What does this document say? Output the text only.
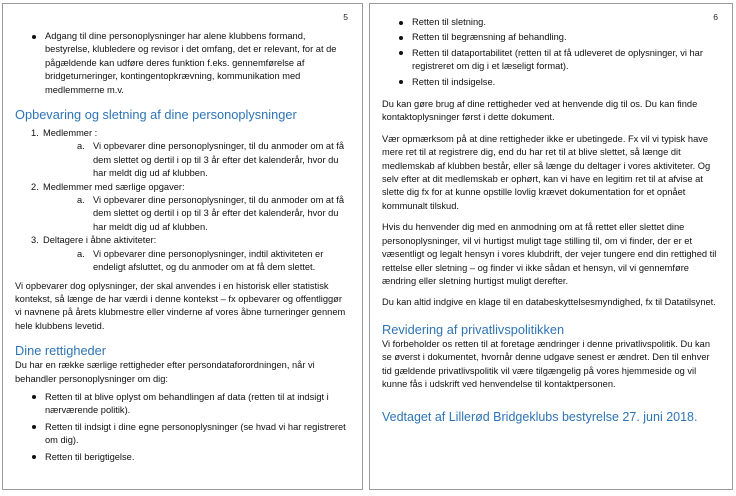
5
Adgang til dine personoplysninger har alene klubbens formand, bestyrelse, klubledere og revisor i det omfang, det er relevant, for at de pågældende kan udføre deres funktion f.eks. gennemførelse af bridgeturneringer, kontingentopkrævning, kommunikation med medlemmerne m.v.
Opbevaring og sletning af dine personoplysninger
1. Medlemmer :
a. Vi opbevarer dine personoplysninger, til du anmoder om at få dem slettet og dertil i op til 3 år efter det kalenderår, hvor du har meldt dig ud af klubben.
2. Medlemmer med særlige opgaver:
a. Vi opbevarer dine personoplysninger, til du anmoder om at få dem slettet og dertil i op til 3 år efter det kalenderår, hvor du har meldt dig ud af klubben.
3. Deltagere i åbne aktiviteter:
a. Vi opbevarer dine personoplysninger, indtil aktiviteten er endeligt afsluttet, og du anmoder om at få dem slettet.

Vi opbevarer dog oplysninger, der skal anvendes i en historisk eller statistisk kontekst, så længe de har værdi i denne kontekst – fx opbevarer og offentliggør vi navnene på årets klubmestre eller vinderne af vores åbne turneringer gennem hele klubbens levetid.

Dine rettigheder

Du har en række særlige rettigheder efter persondataforordningen, når vi behandler personoplysninger om dig:

Retten til at blive oplyst om behandlingen af data (retten til at indsigt i nærværende politik).
Retten til indsigt i dine egne personoplysninger (se hvad vi har registreret om dig).
Retten til berigtigelse.
6
Retten til sletning.
Retten til begrænsning af behandling.
Retten til dataportabilitet (retten til at få udleveret de oplysninger, vi har registreret om dig i et læseligt format).
Retten til indsigelse.

Du kan gøre brug af dine rettigheder ved at henvende dig til os. Du kan finde kontaktoplysninger først i dette dokument.

Vær opmærksom på at dine rettigheder ikke er ubetingede. Fx vil vi typisk have mere ret til at registrere dig, end du har ret til at blive slettet, så længe dit medlemskab af klubben består, eller så længe du deltager i vores aktiviteter. Og selv efter at dit medlemskab er ophørt, kan vi have en legitim ret til at afvise at slette dig fx for at kunne opstille lovlig krævet dokumentation for et opnået kommunalt tilskud.

Hvis du henvender dig med en anmodning om at få rettet eller slettet dine personoplysninger, vil vi hurtigst muligt tage stilling til, om vi finder, der er et væsentligt og legalt hensyn i vores klubdrift, der vejer tungere end din rettighed til rettelse eller sletning – og finder vi ikke sådan et hensyn, vil vi gennemføre ændring eller sletning hurtigst muligt derefter.

Du kan altid indgive en klage til en databeskyttelsesmyndighed, fx til Datatilsynet.

Revidering af privatlivspolitikken

Vi forbeholder os retten til at foretage ændringer i denne privatlivspolitik. Du kan se øverst i dokumentet, hvornår denne udgave senest er ændret. Den til enhver tid gældende privatlivspolitik vil være tilgængelig på vores hjemmeside og vil kunne fås i udskrift ved henvendelse til kontaktpersonen.

Vedtaget af Lillerød Bridgeklubs bestyrelse 27. juni 2018.
